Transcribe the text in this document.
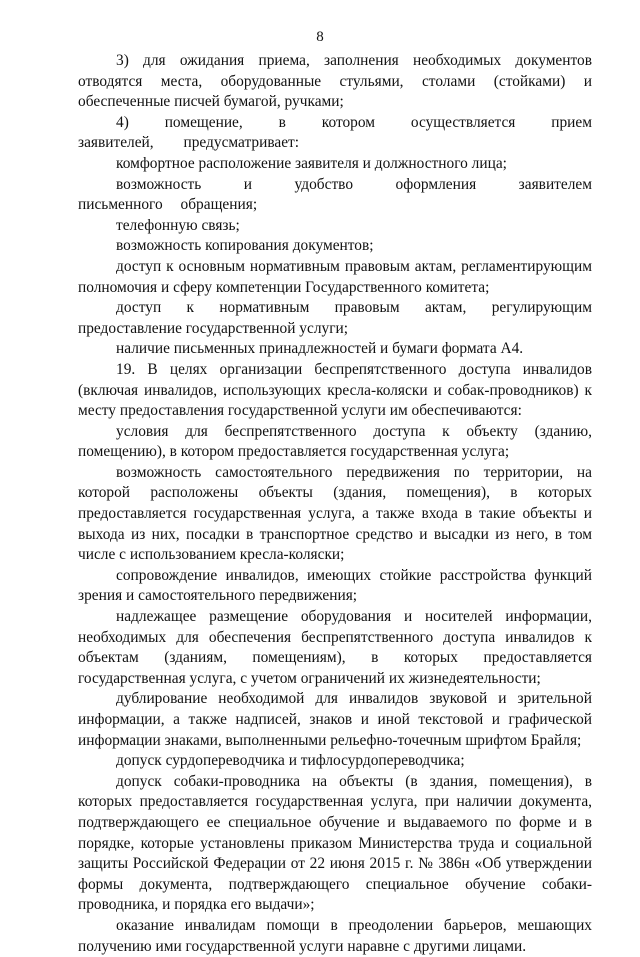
8

3) для ожидания приема, заполнения необходимых документов отводятся места, оборудованные стульями, столами (стойками) и обеспеченные писчей бумагой, ручками;

4) помещение, в котором осуществляется прием заявителей, предусматривает:

комфортное расположение заявителя и должностного лица;

возможность и удобство оформления заявителем письменного обращения;

телефонную связь;

возможность копирования документов;

доступ к основным нормативным правовым актам, регламентирующим полномочия и сферу компетенции Государственного комитета;

доступ к нормативным правовым актам, регулирующим предоставление государственной услуги;

наличие письменных принадлежностей и бумаги формата А4.

19. В целях организации беспрепятственного доступа инвалидов (включая инвалидов, использующих кресла-коляски и собак-проводников) к месту предоставления государственной услуги им обеспечиваются:

условия для беспрепятственного доступа к объекту (зданию, помещению), в котором предоставляется государственная услуга;

возможность самостоятельного передвижения по территории, на которой расположены объекты (здания, помещения), в которых предоставляется государственная услуга, а также входа в такие объекты и выхода из них, посадки в транспортное средство и высадки из него, в том числе с использованием кресла-коляски;

сопровождение инвалидов, имеющих стойкие расстройства функций зрения и самостоятельного передвижения;

надлежащее размещение оборудования и носителей информации, необходимых для обеспечения беспрепятственного доступа инвалидов к объектам (зданиям, помещениям), в которых предоставляется государственная услуга, с учетом ограничений их жизнедеятельности;

дублирование необходимой для инвалидов звуковой и зрительной информации, а также надписей, знаков и иной текстовой и графической информации знаками, выполненными рельефно-точечным шрифтом Брайля;

допуск сурдопереводчика и тифлосурдопереводчика;

допуск собаки-проводника на объекты (в здания, помещения), в которых предоставляется государственная услуга, при наличии документа, подтверждающего ее специальное обучение и выдаваемого по форме и в порядке, которые установлены приказом Министерства труда и социальной защиты Российской Федерации от 22 июня 2015 г. № 386н «Об утверждении формы документа, подтверждающего специальное обучение собаки-проводника, и порядка его выдачи»;

оказание инвалидам помощи в преодолении барьеров, мешающих получению ими государственной услуги наравне с другими лицами.
